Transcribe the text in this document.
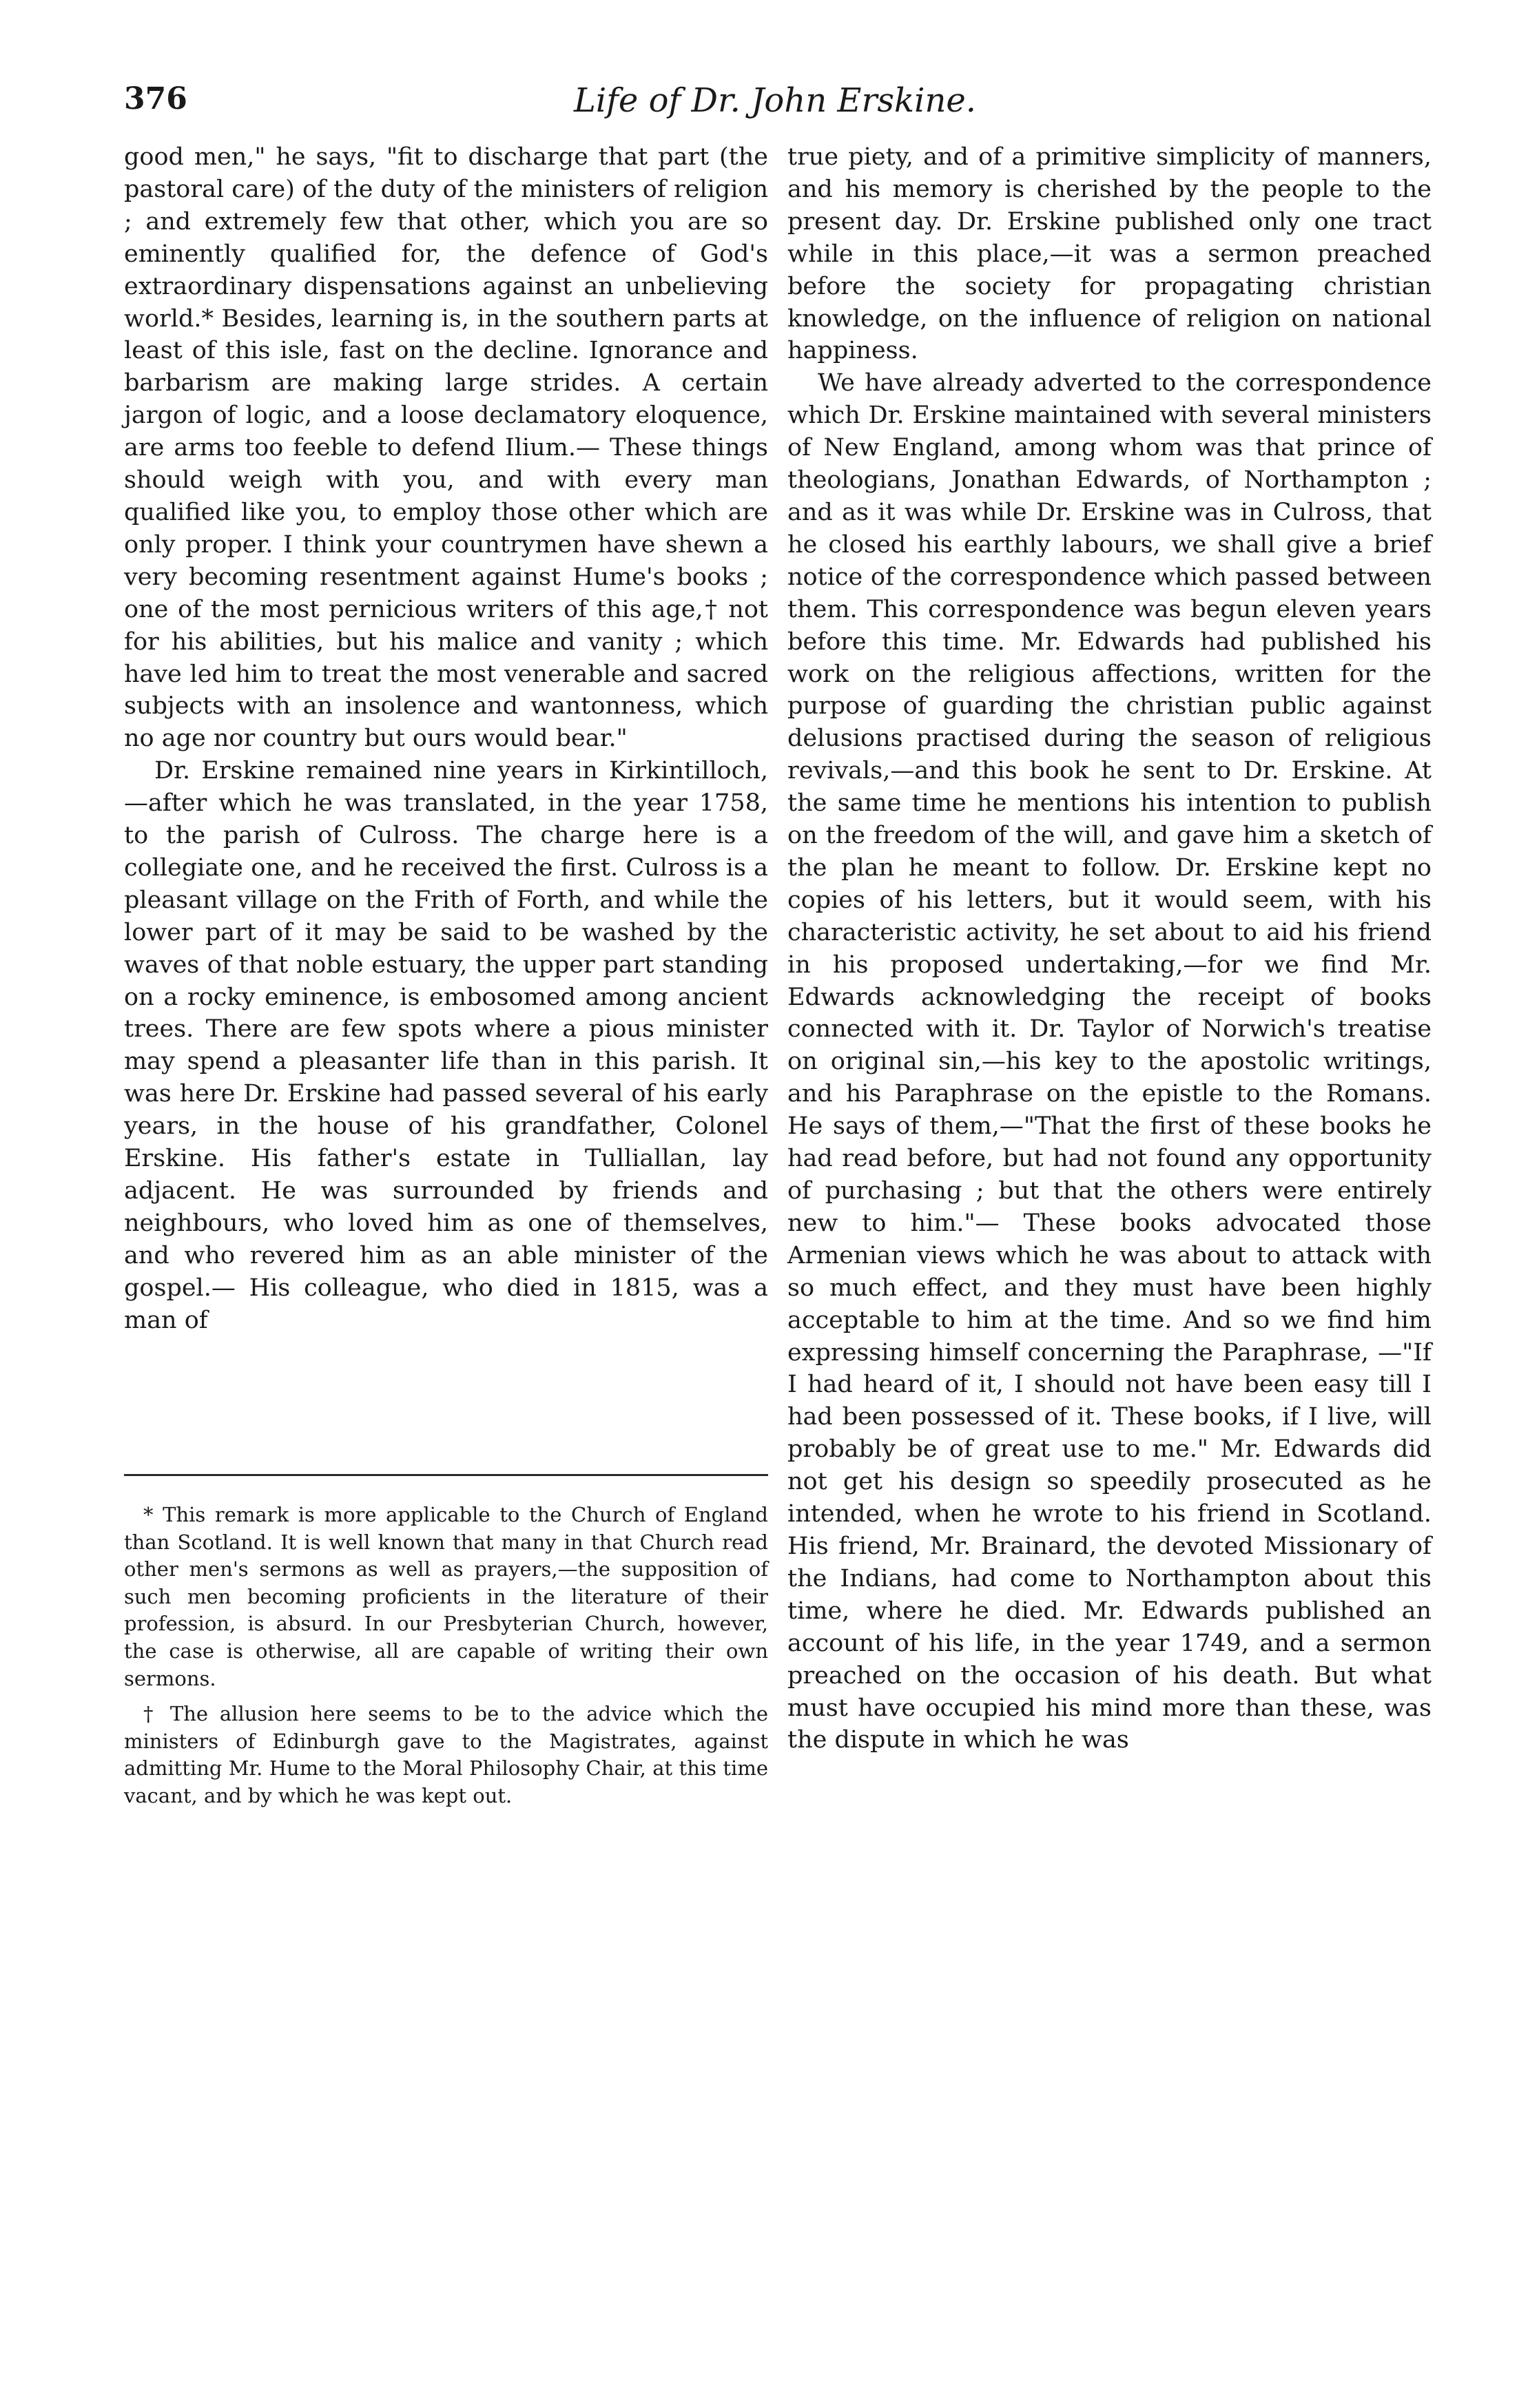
376	Life of Dr. John Erskine.

good men," he says, "fit to discharge that part (the pastoral care) of the duty of the ministers of religion ; and extremely few that other, which you are so eminently qualified for, the defence of God's extraordinary dispensations against an unbelieving world.* Besides, learning is, in the southern parts at least of this isle, fast on the decline. Ignorance and barbarism are making large strides. A certain jargon of logic, and a loose declamatory eloquence, are arms too feeble to defend Ilium.— These things should weigh with you, and with every man qualified like you, to employ those other which are only proper. I think your countrymen have shewn a very becoming resentment against Hume's books ; one of the most pernicious writers of this age,† not for his abilities, but his malice and vanity ; which have led him to treat the most venerable and sacred subjects with an insolence and wantonness, which no age nor country but ours would bear."

Dr. Erskine remained nine years in Kirkintilloch,—after which he was translated, in the year 1758, to the parish of Culross. The charge here is a collegiate one, and he received the first. Culross is a pleasant village on the Frith of Forth, and while the lower part of it may be said to be washed by the waves of that noble estuary, the upper part standing on a rocky eminence, is embosomed among ancient trees. There are few spots where a pious minister may spend a pleasanter life than in this parish. It was here Dr. Erskine had passed several of his early years, in the house of his grandfather, Colonel Erskine. His father's estate in Tulliallan, lay adjacent. He was surrounded by friends and neighbours, who loved him as one of themselves, and who revered him as an able minister of the gospel.— His colleague, who died in 1815, was a man of

true piety, and of a primitive simplicity of manners, and his memory is cherished by the people to the present day. Dr. Erskine published only one tract while in this place,—it was a sermon preached before the society for propagating christian knowledge, on the influence of religion on national happiness.

We have already adverted to the correspondence which Dr. Erskine maintained with several ministers of New England, among whom was that prince of theologians, Jonathan Edwards, of Northampton ; and as it was while Dr. Erskine was in Culross, that he closed his earthly labours, we shall give a brief notice of the correspondence which passed between them. This correspondence was begun eleven years before this time. Mr. Edwards had published his work on the religious affections, written for the purpose of guarding the christian public against delusions practised during the season of religious revivals,—and this book he sent to Dr. Erskine. At the same time he mentions his intention to publish on the freedom of the will, and gave him a sketch of the plan he meant to follow. Dr. Erskine kept no copies of his letters, but it would seem, with his characteristic activity, he set about to aid his friend in his proposed undertaking,—for we find Mr. Edwards acknowledging the receipt of books connected with it. Dr. Taylor of Norwich's treatise on original sin,—his key to the apostolic writings, and his Paraphrase on the epistle to the Romans. He says of them,—"That the first of these books he had read before, but had not found any opportunity of purchasing ; but that the others were entirely new to him."— These books advocated those Armenian views which he was about to attack with so much effect, and they must have been highly acceptable to him at the time. And so we find him expressing himself concerning the Paraphrase, —"If I had heard of it, I should not have been easy till I had been possessed of it. These books, if I live, will probably be of great use to me." Mr. Edwards did not get his design so speedily prosecuted as he intended, when he wrote to his friend in Scotland. His friend, Mr. Brainard, the devoted Missionary of the Indians, had come to Northampton about this time, where he died. Mr. Edwards published an account of his life, in the year 1749, and a sermon preached on the occasion of his death. But what must have occupied his mind more than these, was the dispute in which he was

* This remark is more applicable to the Church of England than Scotland. It is well known that many in that Church read other men's sermons as well as prayers,—the supposition of such men becoming proficients in the literature of their profession, is absurd. In our Presbyterian Church, however, the case is otherwise, all are capable of writing their own sermons.

† The allusion here seems to be to the advice which the ministers of Edinburgh gave to the Magistrates, against admitting Mr. Hume to the Moral Philosophy Chair, at this time vacant, and by which he was kept out.
